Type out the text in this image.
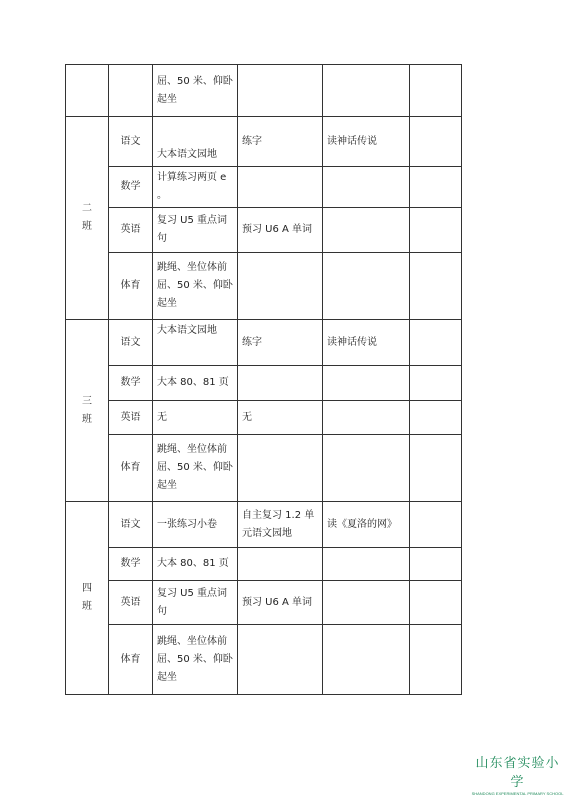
		屈、50 米、仰卧起坐			

二
班	语文	大本语文园地	练字	读神话传说	
	数学	计算练习两页 e 。			
	英语	复习 U5 重点词句	预习 U6 A 单词		
	体育	跳绳、坐位体前屈、50 米、仰卧起坐			

三
班	语文	大本语文园地	练字	读神话传说	
	数学	大本 80、81 页			
	英语	无	无		
	体育	跳绳、坐位体前屈、50 米、仰卧起坐			

四
班	语文	一张练习小卷	自主复习 1.2 单元语文园地	读《夏洛的网》	
	数学	大本 80、81 页			
	英语	复习 U5 重点词句	预习 U6 A 单词		
	体育	跳绳、坐位体前屈、50 米、仰卧起坐			
山东省实验小学
SHANDONG EXPERIMENTAL PRIMARY SCHOOL
